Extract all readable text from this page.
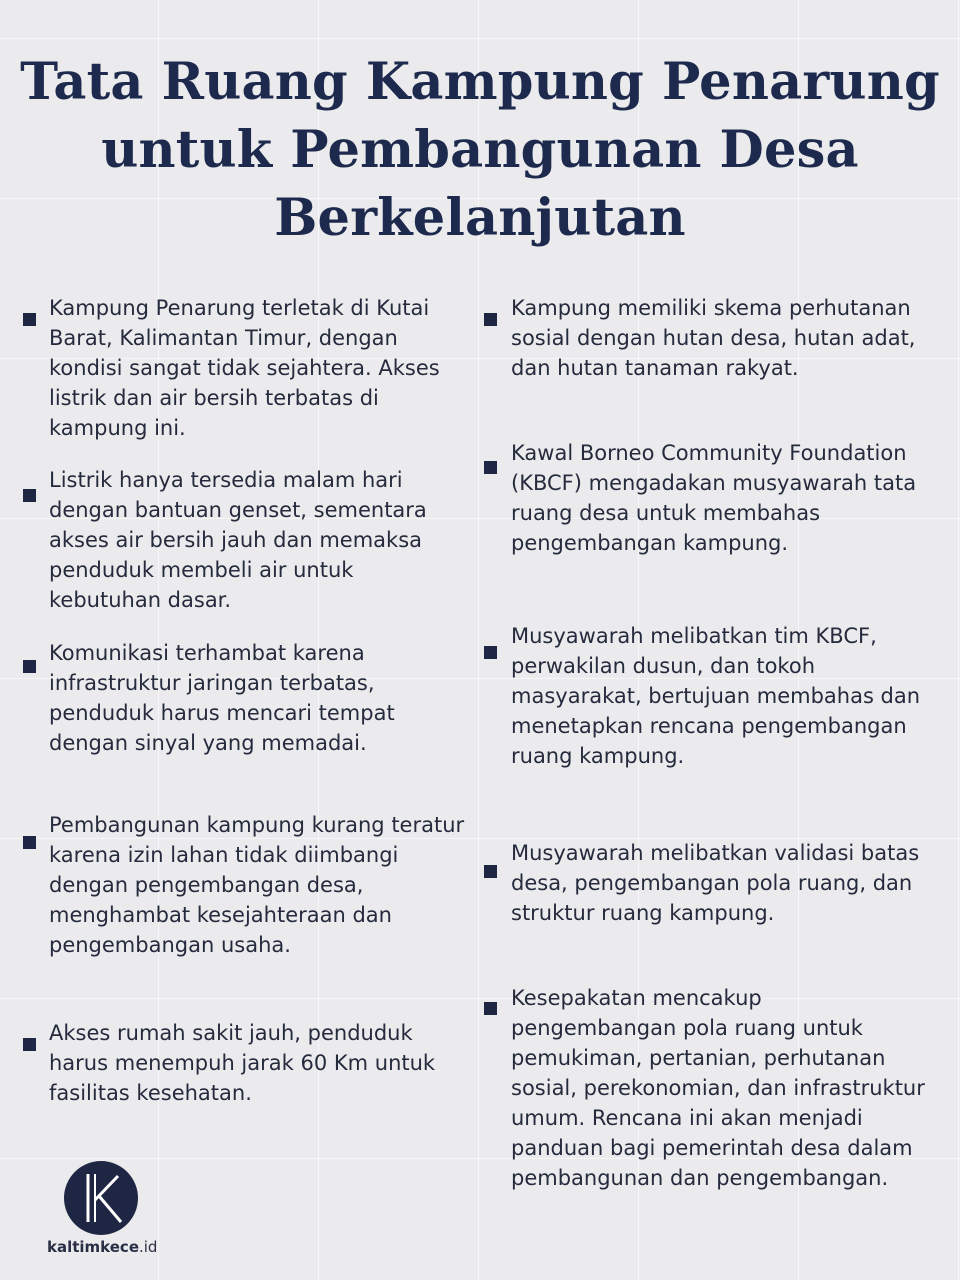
Tata Ruang Kampung Penarung
untuk Pembangunan Desa
Berkelanjutan
Kampung Penarung terletak di Kutai Barat, Kalimantan Timur, dengan kondisi sangat tidak sejahtera. Akses listrik dan air bersih terbatas di kampung ini.
Listrik hanya tersedia malam hari dengan bantuan genset, sementara akses air bersih jauh dan memaksa penduduk membeli air untuk kebutuhan dasar.
Komunikasi terhambat karena infrastruktur jaringan terbatas, penduduk harus mencari tempat dengan sinyal yang memadai.
Pembangunan kampung kurang teratur karena izin lahan tidak diimbangi dengan pengembangan desa, menghambat kesejahteraan dan pengembangan usaha.
Akses rumah sakit jauh, penduduk harus menempuh jarak 60 Km untuk fasilitas kesehatan.
Kampung memiliki skema perhutanan sosial dengan hutan desa, hutan adat, dan hutan tanaman rakyat.
Kawal Borneo Community Foundation (KBCF) mengadakan musyawarah tata ruang desa untuk membahas pengembangan kampung.
Musyawarah melibatkan tim KBCF, perwakilan dusun, dan tokoh masyarakat, bertujuan membahas dan menetapkan rencana pengembangan ruang kampung.
Musyawarah melibatkan validasi batas desa, pengembangan pola ruang, dan struktur ruang kampung.
Kesepakatan mencakup pengembangan pola ruang untuk pemukiman, pertanian, perhutanan sosial, perekonomian, dan infrastruktur umum. Rencana ini akan menjadi panduan bagi pemerintah desa dalam pembangunan dan pengembangan.
kaltimkece.id
